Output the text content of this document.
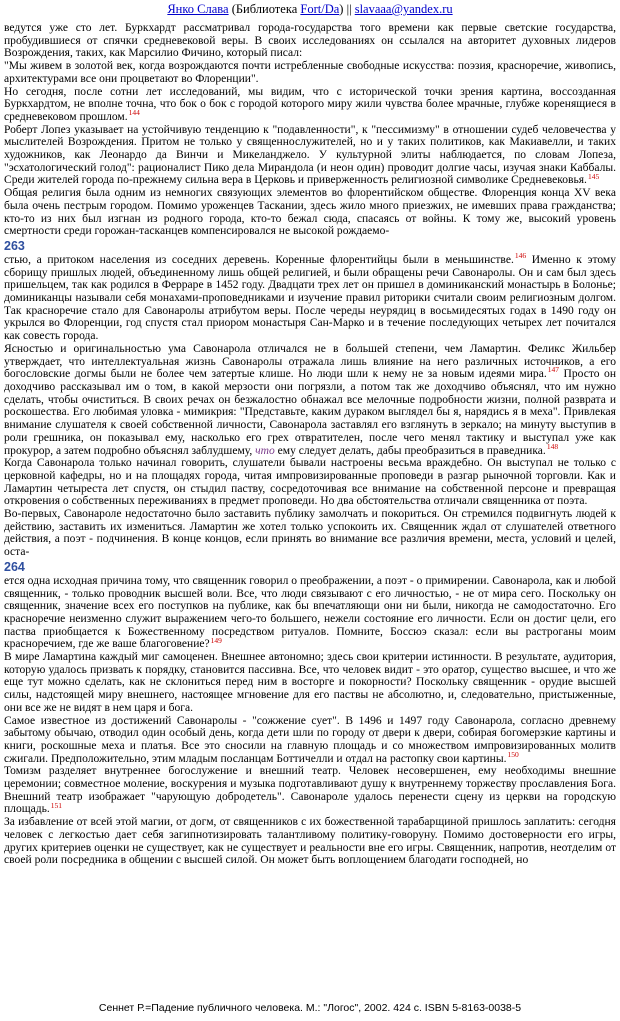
Янко Слава (Библиотека Fort/Da) || slavaaa@yandex.ru

ведутся уже сто лет. Буркхардт рассматривал города-государства того времени как первые светские государства, пробудившиеся от спячки средневековой веры. В своих исследованиях он ссылался на авторитет духовных лидеров Возрождения, таких, как Марсилио Фичино, который писал:

"Мы живем в золотой век, когда возрождаются почти истребленные свободные искусства: поэзия, красноречие, живопись, архитектурами все они процветают во Флоренции".

Но сегодня, после сотни лет исследований, мы видим, что с исторической точки зрения картина, воссозданная Буркхардтом, не вполне точна, что бок о бок с городой которого миру жили чувства более мрачные, глубже коренящиеся в средневековом прошлом.$^{144}$

Роберт Лопез указывает на устойчивую тенденцию к "подавленности", к "пессимизму" в отношении судеб человечества у мыслителей Возрождения. Притом не только у священнослужителей, но и у таких политиков, как Макиавелли, и таких художников, как Леонардо да Винчи и Микеланджело. У культурной элиты наблюдается, по словам Лопеза, "эсхатологический голод": рационалист Пико дела Мирандола (и неон один) проводит долгие часы, изучая знаки Каббалы. Среди жителей города по-прежнему сильна вера в Церковь и приверженность религиозной символике Средневековья.$^{145}$

Общая религия была одним из немногих связующих элементов во флорентийском обществе. Флоренция конца XV века была очень пестрым городом. Помимо уроженцев Таскании, здесь жило много приезжих, не имевших права гражданства; кто-то из них был изгнан из родного города, кто-то бежал сюда, спасаясь от войны. К тому же, высокий уровень смертности среди горожан-тасканцев компенсировался не высокой рождаемо-

263

стью, а притоком населения из соседних деревень. Коренные флорентийцы были в меньшинстве.$^{146}$ Именно к этому сборищу пришлых людей, объединенному лишь общей религией, и были обращены речи Савонаролы. Он и сам был здесь пришельцем, так как родился в Ферраре в 1452 году. Двадцати трех лет он пришел в доминиканский монастырь в Болонье; доминиканцы называли себя монахами-проповедниками и изучение правил риторики считали своим религиозным долгом. Так красноречие стало для Савонаролы атрибутом веры. После череды неурядиц в восьмидесятых годах в 1490 году он укрылся во Флоренции, год спустя стал приором монастыря Сан-Марко и в течение последующих четырех лет почитался как совесть города.

Ясностью и оригинальностью ума Савонарола отличался не в большей степени, чем Ламартин. Феликс Жильбер утверждает, что интеллектуальная жизнь Савонаролы отражала лишь влияние на него различных источников, а его богословские догмы были не более чем затертые клише. Но люди шли к нему не за новым идеями мира.$^{147}$ Просто он доходчиво рассказывал им о том, в какой мерзости они погрязли, а потом так же доходчиво объяснял, что им нужно сделать, чтобы очиститься. В своих речах он безжалостно обнажал все мелочные подробности жизни, полной разврата и роскошества. Его любимая уловка - мимикрия: "Представьте, каким дураком выглядел бы я, нарядись я в меха". Привлекая внимание слушателя к своей собственной личности, Савонарола заставлял его взглянуть в зеркало; на минуту выступив в роли грешника, он показывал ему, насколько его грех отвратителен, после чего менял тактику и выступал уже как прокурор, а затем подробно объяснял заблудшему, что ему следует делать, дабы преобразиться в праведника.$^{148}$

Когда Савонарола только начинал говорить, слушатели бывали настроены весьма враждебно. Он выступал не только с церковной кафедры, но и на площадях города, читая импровизированные проповеди в разгар рыночной торговли. Как и Ламартин четыреста лет спустя, он стыдил паству, сосредоточивая все внимание на собственной персоне и превращая откровения о собственных переживаниях в предмет проповеди. Но два обстоятельства отличали священника от поэта.

Во-первых, Савонароле недостаточно было заставить публику замолчать и покориться. Он стремился подвигнуть людей к действию, заставить их измениться. Ламартин же хотел только успокоить их. Священник ждал от слушателей ответного действия, а поэт - подчинения. В конце концов, если принять во внимание все различия времени, места, условий и целей, оста-

264

ется одна исходная причина тому, что священник говорил о преображении, а поэт - о примирении. Савонарола, как и любой священник, - только проводник высшей воли. Все, что люди связывают с его личностью, - не от мира сего. Поскольку он священник, значение всех его поступков на публике, как бы впечатляющи они ни были, никогда не самодостаточно. Его красноречие неизменно служит выражением чего-то большего, нежели состояние его личности. Если он достиг цели, его паства приобщается к Божественному посредством ритуалов. Помните, Боссюэ сказал: если вы растроганы моим красноречием, где же ваше благоговение?$^{149}$

В мире Ламартина каждый миг самоценен. Внешнее автономно; здесь свои критерии истинности. В результате, аудитория, которую удалось призвать к порядку, становится пассивна. Все, что человек видит - это оратор, существо высшее, и что же еще тут можно сделать, как не склониться перед ним в восторге и покорности? Поскольку священник - орудие высшей силы, надстоящей миру внешнего, настоящее мгновение для его паствы не абсолютно, и, следовательно, пристыженные, они все же не видят в нем царя и бога.

Самое известное из достижений Савонаролы - "сожжение сует". В 1496 и 1497 году Савонарола, согласно древнему забытому обычаю, отводил один особый день, когда дети шли по городу от двери к двери, собирая богомерзкие картины и книги, роскошные меха и платья. Все это сносили на главную площадь и со множеством импровизированных молитв сжигали. Предположительно, этим младым посланцам Боттичелли и отдал на растопку свои картины.$^{150}$

Томизм разделяет внутреннее богослужение и внешний театр. Человек несовершенен, ему необходимы внешние церемонии; совместное моление, воскурения и музыка подготавливают душу к внутреннему торжеству прославления Бога. Внешний театр изображает "чарующую добродетель". Савонароле удалось перенести сцену из церкви на городскую площадь.$^{151}$

За избавление от всей этой магии, от догм, от священников с их божественной тарабарщиной пришлось заплатить: сегодня человек с легкостью дает себя загипнотизировать талантливому политику-говоруну. Помимо достоверности его игры, других критериев оценки не существует, как не существует и реальности вне его игры. Священник, напротив, неотделим от своей роли посредника в общении с высшей силой. Он может быть воплощением благодати господней, но

Сеннет Р.=Падение публичного человека. М.: "Логос", 2002. 424 с. ISBN 5-8163-0038-5
